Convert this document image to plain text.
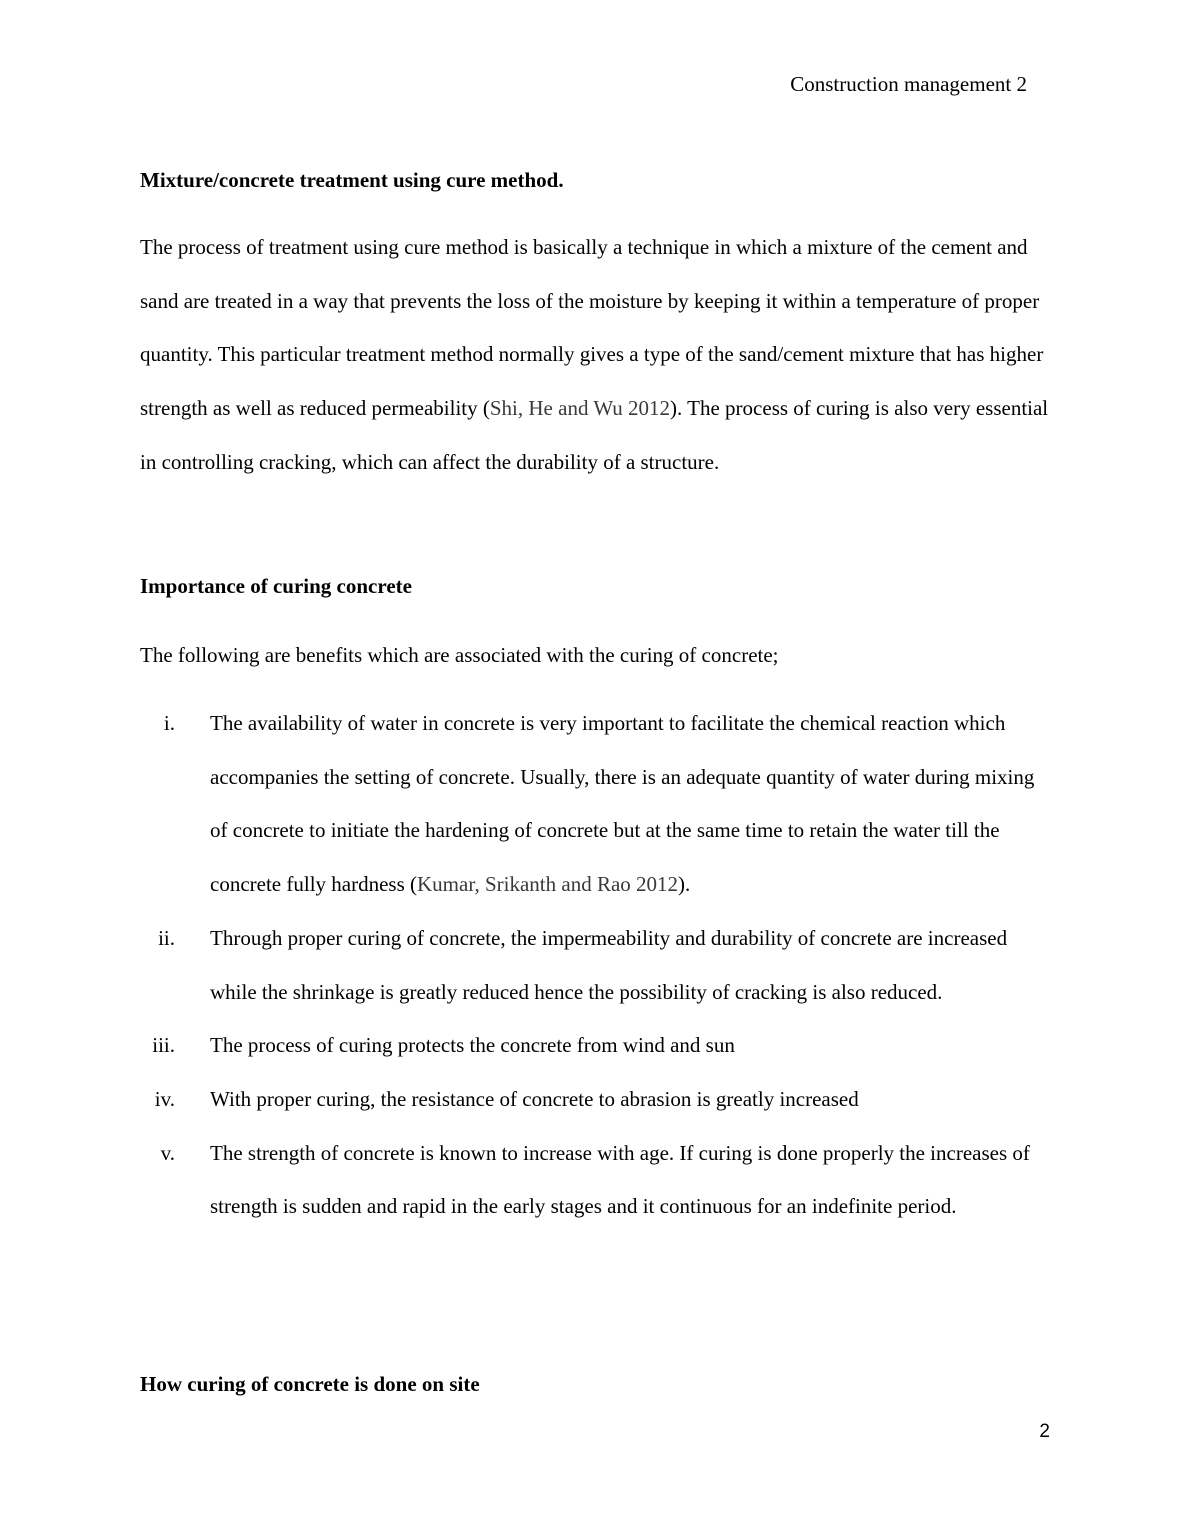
Construction management 2
Mixture/concrete treatment using cure method.
The process of treatment using cure method is basically a technique in which a mixture of the cement and sand are treated in a way that prevents the loss of the moisture by keeping it within a temperature of proper quantity. This particular treatment method normally gives a type of the sand/cement mixture that has higher strength as well as reduced permeability (Shi, He and Wu 2012). The process of curing is also very essential in controlling cracking, which can affect the durability of a structure.
Importance of curing concrete
The following are benefits which are associated with the curing of concrete;
i. The availability of water in concrete is very important to facilitate the chemical reaction which accompanies the setting of concrete. Usually, there is an adequate quantity of water during mixing of concrete to initiate the hardening of concrete but at the same time to retain the water till the concrete fully hardness (Kumar, Srikanth and Rao 2012).
ii. Through proper curing of concrete, the impermeability and durability of concrete are increased while the shrinkage is greatly reduced hence the possibility of cracking is also reduced.
iii. The process of curing protects the concrete from wind and sun
iv. With proper curing, the resistance of concrete to abrasion is greatly increased
v. The strength of concrete is known to increase with age. If curing is done properly the increases of strength is sudden and rapid in the early stages and it continuous for an indefinite period.
How curing of concrete is done on site
2
